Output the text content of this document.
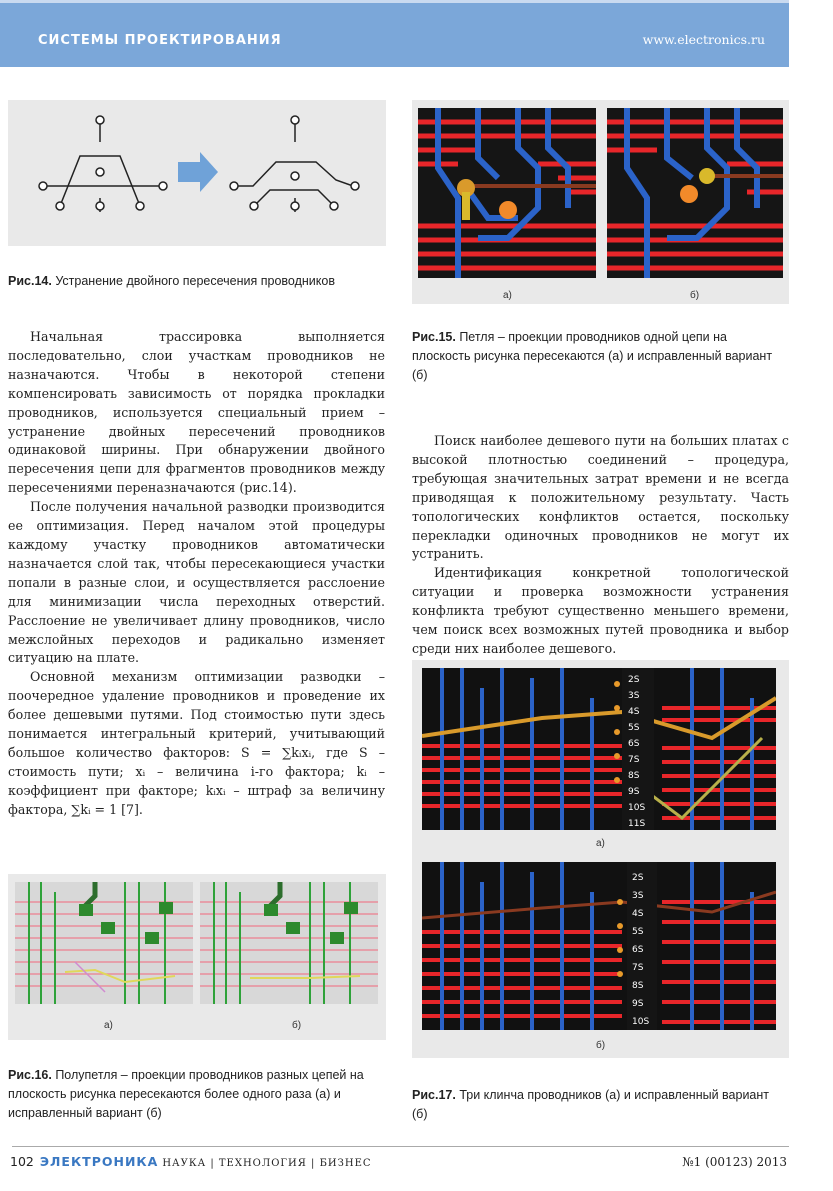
СИСТЕМЫ ПРОЕКТИРОВАНИЯ	www.electronics.ru
Рис.14. Устранение двойного пересечения проводников

Начальная трассировка выполняется последовательно, слои участкам проводников не назначаются. Чтобы в некоторой степени компенсировать зависимость от порядка прокладки проводников, используется специальный прием – устранение двойных пересечений проводников одинаковой ширины. При обнаружении двойного пересечения цепи для фрагментов проводников между пересечениями переназначаются (рис.14).

После получения начальной разводки производится ее оптимизация. Перед началом этой процедуры каждому участку проводников автоматически назначается слой так, чтобы пересекающиеся участки попали в разные слои, и осуществляется расслоение для минимизации числа переходных отверстий. Расслоение не увеличивает длину проводников, число межслойных переходов и радикально изменяет ситуацию на плате.

Основной механизм оптимизации разводки – поочередное удаление проводников и проведение их более дешевыми путями. Под стоимостью пути здесь понимается интегральный критерий, учитывающий большое количество факторов: S = ∑kᵢxᵢ, где S – стоимость пути; xᵢ – величина i-го фактора; kᵢ – коэффициент при факторе; kᵢxᵢ – штраф за величину фактора, ∑kᵢ = 1 [7].

а)	б)
Рис.15. Петля – проекции проводников одной цепи на плоскость рисунка пересекаются (а) и исправленный вариант (б)

Поиск наиболее дешевого пути на больших платах с высокой плотностью соединений – процедура, требующая значительных затрат времени и не всегда приводящая к положительному результату. Часть топологических конфликтов остается, поскольку перекладки одиночных проводников не могут их устранить.

Идентификация конкретной топологической ситуации и проверка возможности устранения конфликта требуют существенно меньшего времени, чем поиск всех возможных путей проводника и выбор среди них наиболее дешевого.

а)	б)
Рис.16. Полупетля – проекции проводников разных цепей на плоскость рисунка пересекаются более одного раза (а) и исправленный вариант (б)
2S
3S
4S
5S
6S
7S
8S
9S
10S
11S
а)
2S
3S
4S
5S
6S
7S
8S
9S
10S
б)
Рис.17. Три клинча проводников (а) и исправленный вариант (б)
102 ЭЛЕКТРОНИКА НАУКА | ТЕХНОЛОГИЯ | БИЗНЕС	№1 (00123) 2013
